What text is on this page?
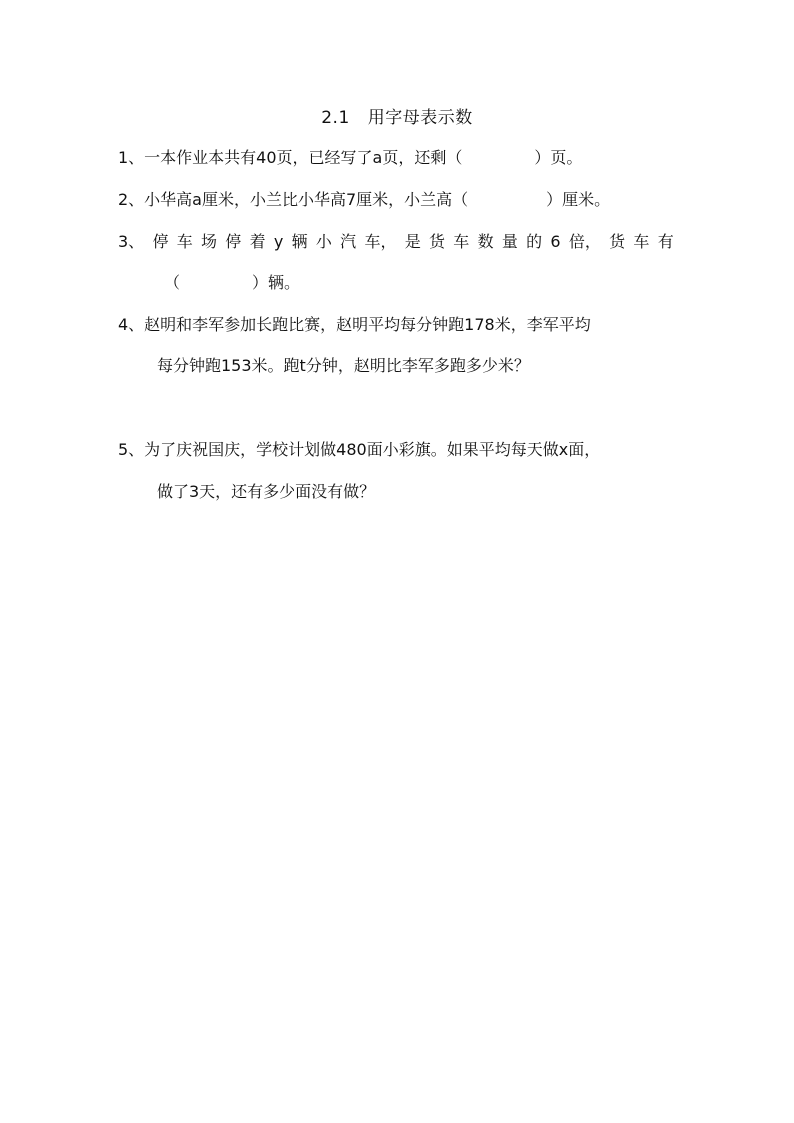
2.1 用字母表示数
1、一本作业本共有40页，已经写了a页，还剩（	）页。
2、小华高a厘米，小兰比小华高7厘米，小兰高（	）厘米。
3、 停 车 场 停 着 y 辆 小 汽 车， 是 货 车 数 量 的 6 倍， 货 车 有
（	）辆。
4、赵明和李军参加长跑比赛，赵明平均每分钟跑178米，李军平均
每分钟跑153米。跑t分钟，赵明比李军多跑多少米？
5、为了庆祝国庆，学校计划做480面小彩旗。如果平均每天做x面，
做了3天，还有多少面没有做？
